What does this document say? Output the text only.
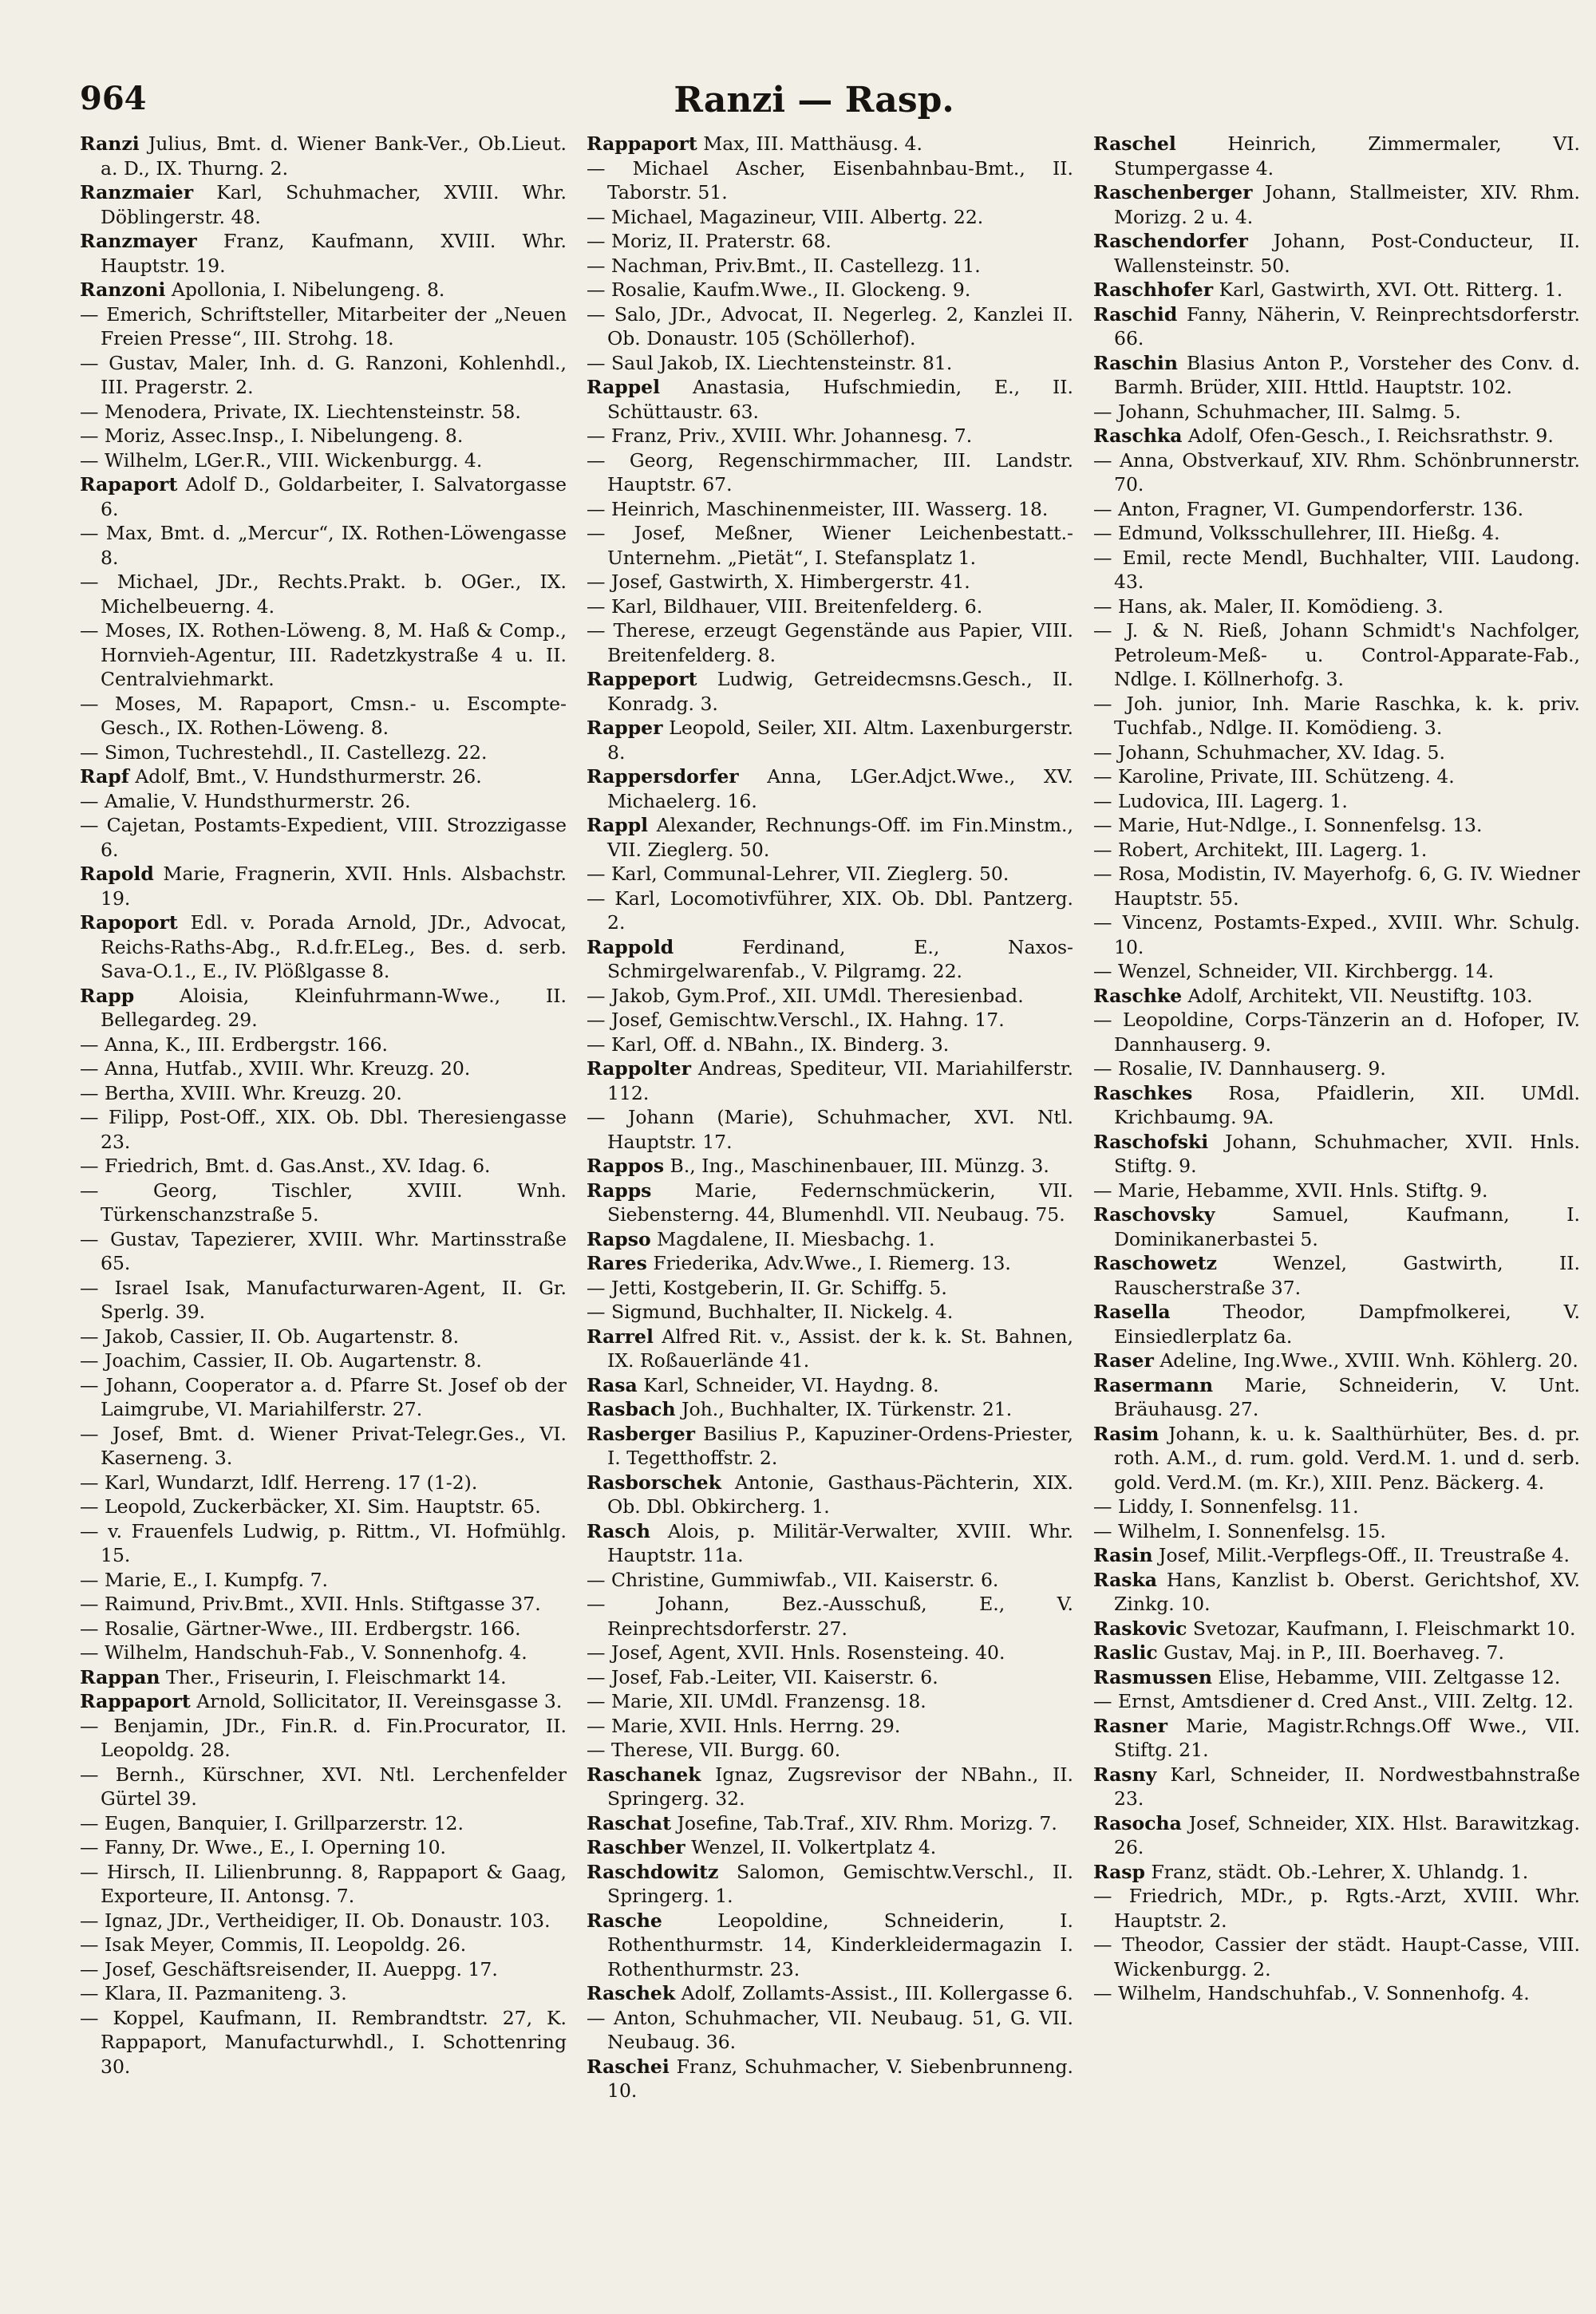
964	Ranzi — Rasp.

Ranzi Julius, Bmt. d. Wiener Bank-Ver., Ob.Lieut. a. D., IX. Thurng. 2.

Ranzmaier Karl, Schuhmacher, XVIII. Whr. Döblingerstr. 48.

Ranzmayer Franz, Kaufmann, XVIII. Whr. Hauptstr. 19.

Ranzoni Apollonia, I. Nibelungeng. 8.

— Emerich, Schriftsteller, Mitarbeiter der „Neuen Freien Presse“, III. Strohg. 18.

— Gustav, Maler, Inh. d. G. Ranzoni, Kohlenhdl., III. Pragerstr. 2.

— Menodera, Private, IX. Liechtensteinstr. 58.

— Moriz, Assec.Insp., I. Nibelungeng. 8.

— Wilhelm, LGer.R., VIII. Wickenburgg. 4.

Rapaport Adolf D., Goldarbeiter, I. Salvatorgasse 6.

— Max, Bmt. d. „Mercur“, IX. Rothen-Löwengasse 8.

— Michael, JDr., Rechts.Prakt. b. OGer., IX. Michelbeuerng. 4.

— Moses, IX. Rothen-Löweng. 8, M. Haß & Comp., Hornvieh-Agentur, III. Radetzkystraße 4 u. II. Centralviehmarkt.

— Moses, M. Rapaport, Cmsn.- u. Escompte-Gesch., IX. Rothen-Löweng. 8.

— Simon, Tuchrestehdl., II. Castellezg. 22.

Rapf Adolf, Bmt., V. Hundsthurmerstr. 26.

— Amalie, V. Hundsthurmerstr. 26.

— Cajetan, Postamts-Expedient, VIII. Strozzigasse 6.

Rapold Marie, Fragnerin, XVII. Hnls. Alsbachstr. 19.

Rapoport Edl. v. Porada Arnold, JDr., Advocat, Reichs-Raths-Abg., R.d.fr.ELeg., Bes. d. serb. Sava-O.1., E., IV. Plößlgasse 8.

Rapp Aloisia, Kleinfuhrmann-Wwe., II. Bellegardeg. 29.

— Anna, K., III. Erdbergstr. 166.

— Anna, Hutfab., XVIII. Whr. Kreuzg. 20.

— Bertha, XVIII. Whr. Kreuzg. 20.

— Filipp, Post-Off., XIX. Ob. Dbl. Theresiengasse 23.

— Friedrich, Bmt. d. Gas.Anst., XV. Idag. 6.

— Georg, Tischler, XVIII. Wnh. Türkenschanzstraße 5.

— Gustav, Tapezierer, XVIII. Whr. Martinsstraße 65.

— Israel Isak, Manufacturwaren-Agent, II. Gr. Sperlg. 39.

— Jakob, Cassier, II. Ob. Augartenstr. 8.

— Joachim, Cassier, II. Ob. Augartenstr. 8.

— Johann, Cooperator a. d. Pfarre St. Josef ob der Laimgrube, VI. Mariahilferstr. 27.

— Josef, Bmt. d. Wiener Privat-Telegr.Ges., VI. Kaserneng. 3.

— Karl, Wundarzt, Idlf. Herreng. 17 (1-2).

— Leopold, Zuckerbäcker, XI. Sim. Hauptstr. 65.

— v. Frauenfels Ludwig, p. Rittm., VI. Hofmühlg. 15.

— Marie, E., I. Kumpfg. 7.

— Raimund, Priv.Bmt., XVII. Hnls. Stiftgasse 37.

— Rosalie, Gärtner-Wwe., III. Erdbergstr. 166.

— Wilhelm, Handschuh-Fab., V. Sonnenhofg. 4.

Rappan Ther., Friseurin, I. Fleischmarkt 14.

Rappaport Arnold, Sollicitator, II. Vereinsgasse 3.

— Benjamin, JDr., Fin.R. d. Fin.Procurator, II. Leopoldg. 28.

— Bernh., Kürschner, XVI. Ntl. Lerchenfelder Gürtel 39.

— Eugen, Banquier, I. Grillparzerstr. 12.

— Fanny, Dr. Wwe., E., I. Operning 10.

— Hirsch, II. Lilienbrunng. 8, Rappaport & Gaag, Exporteure, II. Antonsg. 7.

— Ignaz, JDr., Vertheidiger, II. Ob. Donaustr. 103.

— Isak Meyer, Commis, II. Leopoldg. 26.

— Josef, Geschäftsreisender, II. Aueppg. 17.

— Klara, II. Pazmaniteng. 3.

— Koppel, Kaufmann, II. Rembrandtstr. 27, K. Rappaport, Manufacturwhdl., I. Schottenring 30.

Rappaport Max, III. Matthäusg. 4.

— Michael Ascher, Eisenbahnbau-Bmt., II. Taborstr. 51.

— Michael, Magazineur, VIII. Albertg. 22.

— Moriz, II. Praterstr. 68.

— Nachman, Priv.Bmt., II. Castellezg. 11.

— Rosalie, Kaufm.Wwe., II. Glockeng. 9.

— Salo, JDr., Advocat, II. Negerleg. 2, Kanzlei II. Ob. Donaustr. 105 (Schöllerhof).

— Saul Jakob, IX. Liechtensteinstr. 81.

Rappel Anastasia, Hufschmiedin, E., II. Schüttaustr. 63.

— Franz, Priv., XVIII. Whr. Johannesg. 7.

— Georg, Regenschirmmacher, III. Landstr. Hauptstr. 67.

— Heinrich, Maschinenmeister, III. Wasserg. 18.

— Josef, Meßner, Wiener Leichenbestatt.-Unternehm. „Pietät“, I. Stefansplatz 1.

— Josef, Gastwirth, X. Himbergerstr. 41.

— Karl, Bildhauer, VIII. Breitenfelderg. 6.

— Therese, erzeugt Gegenstände aus Papier, VIII. Breitenfelderg. 8.

Rappeport Ludwig, Getreidecmsns.Gesch., II. Konradg. 3.

Rapper Leopold, Seiler, XII. Altm. Laxenburgerstr. 8.

Rappersdorfer Anna, LGer.Adjct.Wwe., XV. Michaelerg. 16.

Rappl Alexander, Rechnungs-Off. im Fin.Minstm., VII. Zieglerg. 50.

— Karl, Communal-Lehrer, VII. Zieglerg. 50.

— Karl, Locomotivführer, XIX. Ob. Dbl. Pantzerg. 2.

Rappold Ferdinand, E., Naxos-Schmirgelwarenfab., V. Pilgramg. 22.

— Jakob, Gym.Prof., XII. UMdl. Theresienbad.

— Josef, Gemischtw.Verschl., IX. Hahng. 17.

— Karl, Off. d. NBahn., IX. Binderg. 3.

Rappolter Andreas, Spediteur, VII. Mariahilferstr. 112.

— Johann (Marie), Schuhmacher, XVI. Ntl. Hauptstr. 17.

Rappos B., Ing., Maschinenbauer, III. Münzg. 3.

Rapps Marie, Federnschmückerin, VII. Siebensterng. 44, Blumenhdl. VII. Neubaug. 75.

Rapso Magdalene, II. Miesbachg. 1.

Rares Friederika, Adv.Wwe., I. Riemerg. 13.

— Jetti, Kostgeberin, II. Gr. Schiffg. 5.

— Sigmund, Buchhalter, II. Nickelg. 4.

Rarrel Alfred Rit. v., Assist. der k. k. St. Bahnen, IX. Roßauerlände 41.

Rasa Karl, Schneider, VI. Haydng. 8.

Rasbach Joh., Buchhalter, IX. Türkenstr. 21.

Rasberger Basilius P., Kapuziner-Ordens-Priester, I. Tegetthoffstr. 2.

Rasborschek Antonie, Gasthaus-Pächterin, XIX. Ob. Dbl. Obkircherg. 1.

Rasch Alois, p. Militär-Verwalter, XVIII. Whr. Hauptstr. 11a.

— Christine, Gummiwfab., VII. Kaiserstr. 6.

— Johann, Bez.-Ausschuß, E., V. Reinprechtsdorferstr. 27.

— Josef, Agent, XVII. Hnls. Rosensteing. 40.

— Josef, Fab.-Leiter, VII. Kaiserstr. 6.

— Marie, XII. UMdl. Franzensg. 18.

— Marie, XVII. Hnls. Herrng. 29.

— Therese, VII. Burgg. 60.

Raschanek Ignaz, Zugsrevisor der NBahn., II. Springerg. 32.

Raschat Josefine, Tab.Traf., XIV. Rhm. Morizg. 7.

Raschber Wenzel, II. Volkertplatz 4.

Raschdowitz Salomon, Gemischtw.Verschl., II. Springerg. 1.

Rasche Leopoldine, Schneiderin, I. Rothenthurmstr. 14, Kinderkleidermagazin I. Rothenthurmstr. 23.

Raschek Adolf, Zollamts-Assist., III. Kollergasse 6.

— Anton, Schuhmacher, VII. Neubaug. 51, G. VII. Neubaug. 36.

Raschei Franz, Schuhmacher, V. Siebenbrunneng. 10.

Raschel Heinrich, Zimmermaler, VI. Stumpergasse 4.

Raschenberger Johann, Stallmeister, XIV. Rhm. Morizg. 2 u. 4.

Raschendorfer Johann, Post-Conducteur, II. Wallensteinstr. 50.

Raschhofer Karl, Gastwirth, XVI. Ott. Ritterg. 1.

Raschid Fanny, Näherin, V. Reinprechtsdorferstr. 66.

Raschin Blasius Anton P., Vorsteher des Conv. d. Barmh. Brüder, XIII. Httld. Hauptstr. 102.

— Johann, Schuhmacher, III. Salmg. 5.

Raschka Adolf, Ofen-Gesch., I. Reichsrathstr. 9.

— Anna, Obstverkauf, XIV. Rhm. Schönbrunnerstr. 70.

— Anton, Fragner, VI. Gumpendorferstr. 136.

— Edmund, Volksschullehrer, III. Hießg. 4.

— Emil, recte Mendl, Buchhalter, VIII. Laudong. 43.

— Hans, ak. Maler, II. Komödieng. 3.

— J. & N. Rieß, Johann Schmidt's Nachfolger, Petroleum-Meß- u. Control-Apparate-Fab., Ndlge. I. Köllnerhofg. 3.

— Joh. junior, Inh. Marie Raschka, k. k. priv. Tuchfab., Ndlge. II. Komödieng. 3.

— Johann, Schuhmacher, XV. Idag. 5.

— Karoline, Private, III. Schützeng. 4.

— Ludovica, III. Lagerg. 1.

— Marie, Hut-Ndlge., I. Sonnenfelsg. 13.

— Robert, Architekt, III. Lagerg. 1.

— Rosa, Modistin, IV. Mayerhofg. 6, G. IV. Wiedner Hauptstr. 55.

— Vincenz, Postamts-Exped., XVIII. Whr. Schulg. 10.

— Wenzel, Schneider, VII. Kirchbergg. 14.

Raschke Adolf, Architekt, VII. Neustiftg. 103.

— Leopoldine, Corps-Tänzerin an d. Hofoper, IV. Dannhauserg. 9.

— Rosalie, IV. Dannhauserg. 9.

Raschkes Rosa, Pfaidlerin, XII. UMdl. Krichbaumg. 9A.

Raschofski Johann, Schuhmacher, XVII. Hnls. Stiftg. 9.

— Marie, Hebamme, XVII. Hnls. Stiftg. 9.

Raschovsky Samuel, Kaufmann, I. Dominikanerbastei 5.

Raschowetz Wenzel, Gastwirth, II. Rauscherstraße 37.

Rasella Theodor, Dampfmolkerei, V. Einsiedlerplatz 6a.

Raser Adeline, Ing.Wwe., XVIII. Wnh. Köhlerg. 20.

Rasermann Marie, Schneiderin, V. Unt. Bräuhausg. 27.

Rasim Johann, k. u. k. Saalthürhüter, Bes. d. pr. roth. A.M., d. rum. gold. Verd.M. 1. und d. serb. gold. Verd.M. (m. Kr.), XIII. Penz. Bäckerg. 4.

— Liddy, I. Sonnenfelsg. 11.

— Wilhelm, I. Sonnenfelsg. 15.

Rasin Josef, Milit.-Verpflegs-Off., II. Treustraße 4.

Raska Hans, Kanzlist b. Oberst. Gerichtshof, XV. Zinkg. 10.

Raskovic Svetozar, Kaufmann, I. Fleischmarkt 10.

Raslic Gustav, Maj. in P., III. Boerhaveg. 7.

Rasmussen Elise, Hebamme, VIII. Zeltgasse 12.

— Ernst, Amtsdiener d. Cred Anst., VIII. Zeltg. 12.

Rasner Marie, Magistr.Rchngs.Off Wwe., VII. Stiftg. 21.

Rasny Karl, Schneider, II. Nordwestbahnstraße 23.

Rasocha Josef, Schneider, XIX. Hlst. Barawitzkag. 26.

Rasp Franz, städt. Ob.-Lehrer, X. Uhlandg. 1.

— Friedrich, MDr., p. Rgts.-Arzt, XVIII. Whr. Hauptstr. 2.

— Theodor, Cassier der städt. Haupt-Casse, VIII. Wickenburgg. 2.

— Wilhelm, Handschuhfab., V. Sonnenhofg. 4.
